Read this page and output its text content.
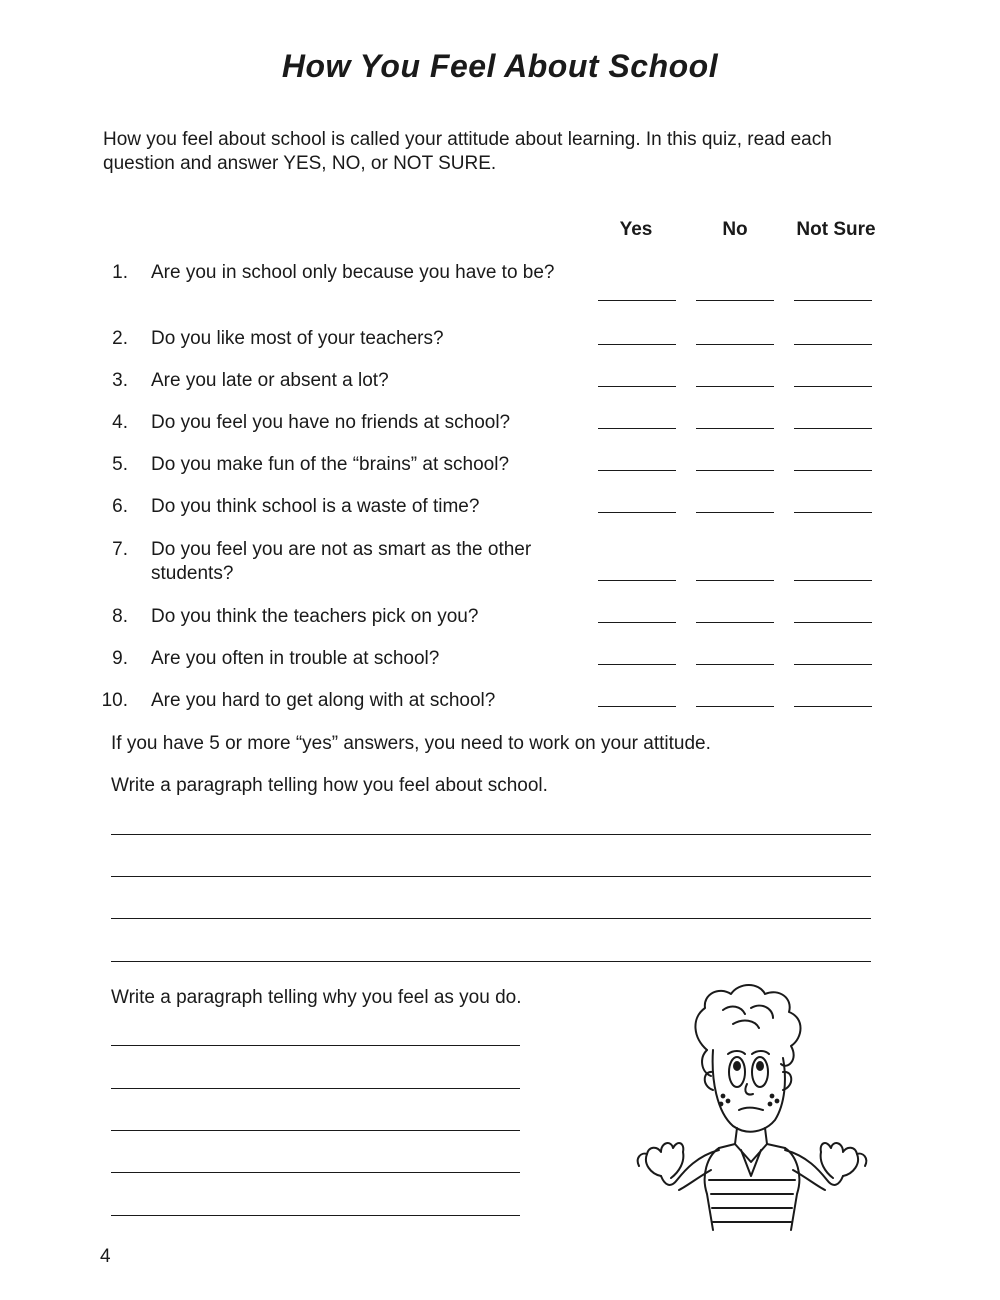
How You Feel About School
How you feel about school is called your attitude about learning. In this quiz, read each question and answer YES, NO, or NOT SURE.
Yes	No	Not Sure
1. Are you in school only because you have to be?
2. Do you like most of your teachers?
3. Are you late or absent a lot?
4. Do you feel you have no friends at school?
5. Do you make fun of the “brains” at school?
6. Do you think school is a waste of time?
7. Do you feel you are not as smart as the other students?
8. Do you think the teachers pick on you?
9. Are you often in trouble at school?
10. Are you hard to get along with at school?
If you have 5 or more “yes” answers, you need to work on your attitude.
Write a paragraph telling how you feel about school.
Write a paragraph telling why you feel as you do.
4
